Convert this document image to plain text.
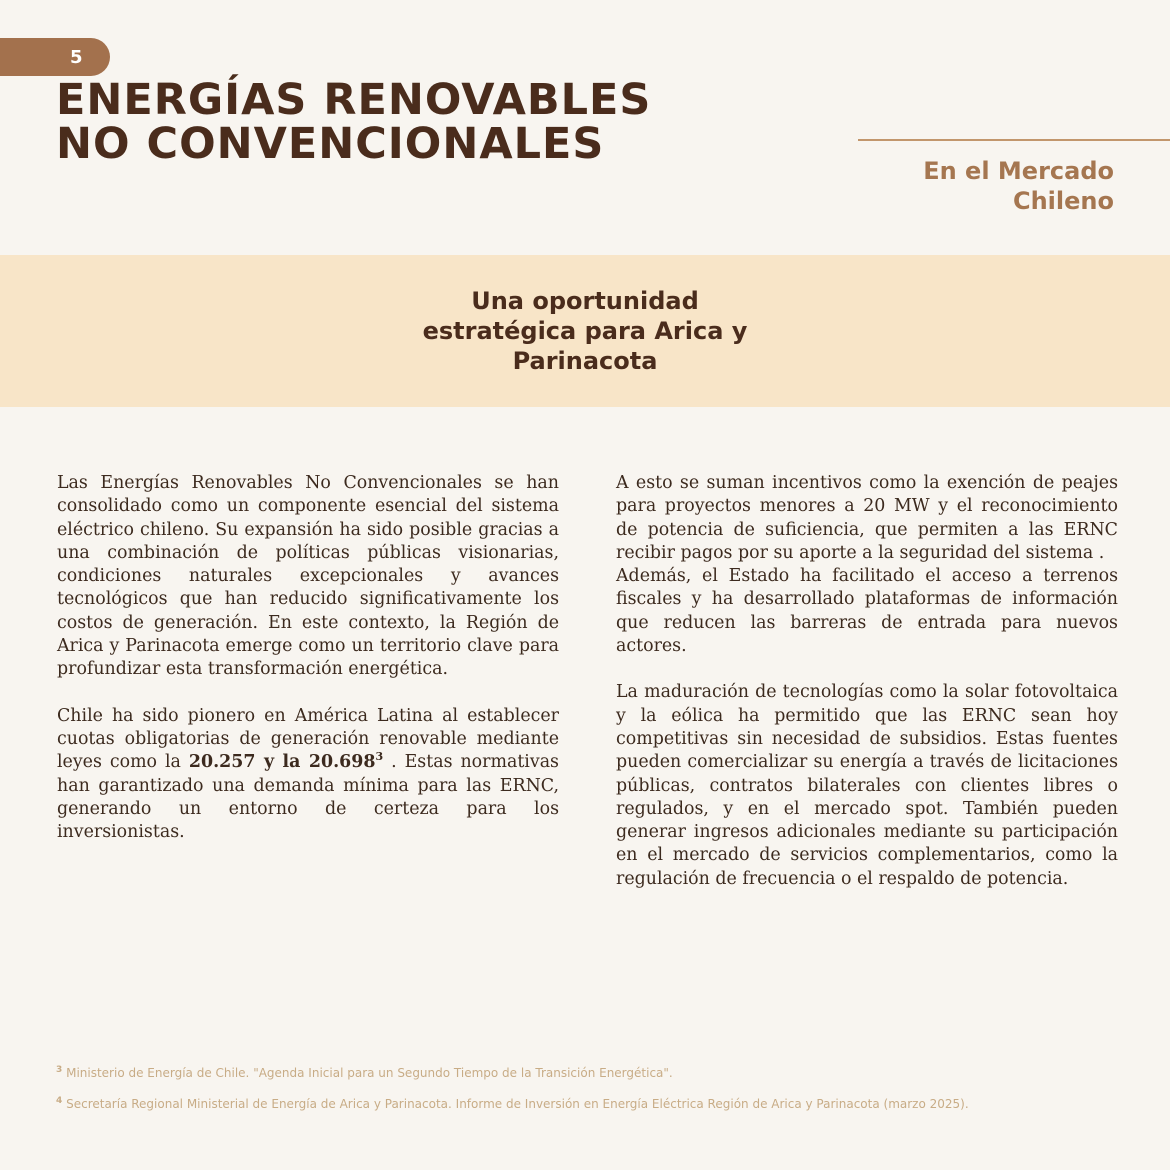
5
ENERGÍAS RENOVABLES
NO CONVENCIONALES
En el Mercado
Chileno
Una oportunidad
estratégica para Arica y
Parinacota

Las Energías Renovables No Convencionales se han consolidado como un componente esencial del sistema eléctrico chileno. Su expansión ha sido posible gracias a una combinación de políticas públicas visionarias, condiciones naturales excepcionales y avances tecnológicos que han reducido significativamente los costos de generación. En este contexto, la Región de Arica y Parinacota emerge como un territorio clave para profundizar esta transformación energética.

Chile ha sido pionero en América Latina al establecer cuotas obligatorias de generación renovable mediante leyes como la 20.257 y la 20.698$^3$ . Estas normativas han garantizado una demanda mínima para las ERNC, generando un entorno de certeza para los inversionistas.

A esto se suman incentivos como la exención de peajes para proyectos menores a 20 MW y el reconocimiento de potencia de suficiencia, que permiten a las ERNC recibir pagos por su aporte a la seguridad del sistema .

Además, el Estado ha facilitado el acceso a terrenos fiscales y ha desarrollado plataformas de información que reducen las barreras de entrada para nuevos actores.

La maduración de tecnologías como la solar fotovoltaica y la eólica ha permitido que las ERNC sean hoy competitivas sin necesidad de subsidios. Estas fuentes pueden comercializar su energía a través de licitaciones públicas, contratos bilaterales con clientes libres o regulados, y en el mercado spot. También pueden generar ingresos adicionales mediante su participación en el mercado de servicios complementarios, como la regulación de frecuencia o el respaldo de potencia.

$^3$ Ministerio de Energía de Chile. "Agenda Inicial para un Segundo Tiempo de la Transición Energética".

$^4$ Secretaría Regional Ministerial de Energía de Arica y Parinacota. Informe de Inversión en Energía Eléctrica Región de Arica y Parinacota (marzo 2025).
